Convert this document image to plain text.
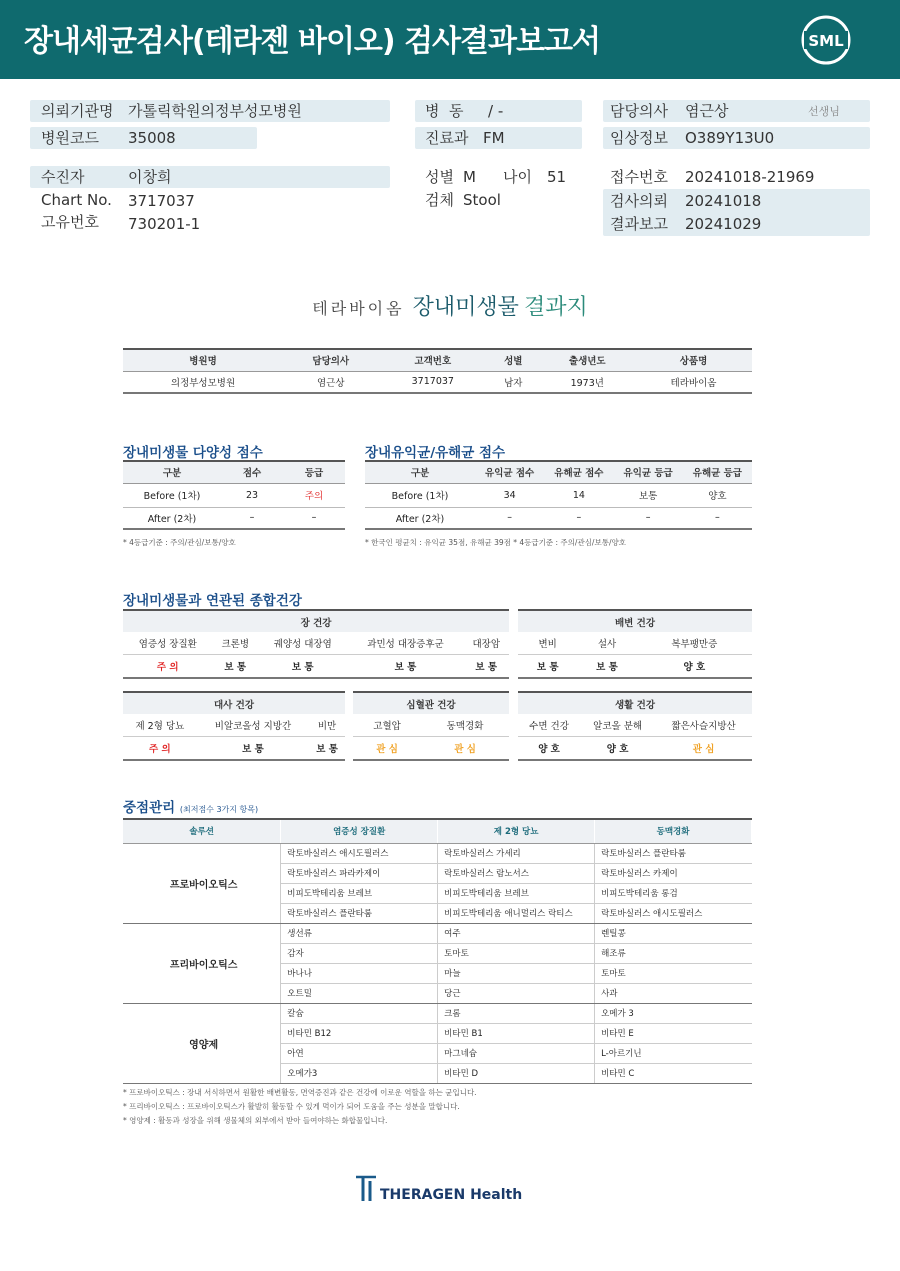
장내세균검사(테라젠 바이오) 검사결과보고서	SML
의뢰기관명 가톨릭학원의정부성모병원
병원코드 35008
병  동 / -
진료과 FM
담당의사 염근상	선생님
임상정보 O389Y13U0
수진자	이창희
Chart No. 3717037
고유번호 730201-1
성별 M 나이 51
검체 Stool
접수번호 20241018-21969
검사의뢰 20241018
결과보고 20241029
테라바이옴 장내미생물 결과지
병원명	담당의사	고객번호	성별	출생년도	상품명
의정부성모병원	염근상	3717037	남자	1973년	테라바이옴
장내미생물 다양성 점수
구분	점수	등급
Before (1차)	23	주의
After (2차)	–	–
* 4등급기준 : 주의/관심/보통/양호
장내유익균/유해균 점수
구분	유익균 점수	유해균 점수	유익균 등급	유해균 등급
Before (1차)	34	14	보통	양호
After (2차)	–	–	–	–
* 한국인 평균치 : 유익균 35점, 유해균 39점 * 4등급기준 : 주의/관심/보통/양호
장내미생물과 연관된 종합건강
장 건강				
염증성 장질환	크론병	궤양성 대장염	과민성 대장증후군	대장암
주 의	보 통	보 통	보 통	보 통
배변 건강		
변비	설사	복부팽만증
보 통	보 통	양 호
대사 건강		
제 2형 당뇨	비알코올성 지방간	비만
주 의	보 통	보 통
심혈관 건강	
고혈압	동맥경화
관 심	관 심
생활 건강		
수면 건강	알코올 분해	짧은사슬지방산
양 호	양 호	관 심
중점관리 (최저점수 3가지 항목)
솔루션	염증성 장질환	제 2형 당뇨	동맥경화
프로바이오틱스	락토바실러스 애시도필러스	락토바실러스 가세리	락토바실러스 플란타룸
	락토바실러스 파라카제이	락토바실러스 람노서스	락토바실러스 카제이
	비피도박테리움 브레브	비피도박테리움 브레브	비피도박테리움 롱검
	락토바실러스 플란타룸	비피도박테리움 애니멀리스 락티스	락토바실러스 애시도필러스
프리바이오틱스	생선류	여주	렌틸콩
	감자	토마토	해조류
	바나나	마늘	토마토
	오트밀	당근	사과
영양제	칼슘	크롬	오메가 3
	비타민 B12	비타민 B1	비타민 E
	아연	마그네슘	L-아르기닌
	오메가3	비타민 D	비타민 C
* 프로바이오틱스 : 장내 서식하면서 원활한 배변활동, 면역증진과 같은 건강에 이로운 역할을 하는 균입니다.
* 프리바이오틱스 : 프로바이오틱스가 활발히 활동할 수 있게 먹이가 되어 도움을 주는 성분을 말합니다.
* 영양제 : 활동과 성장을 위해 생물체의 외부에서 받아 들여야하는 화합물입니다.
THERAGEN Health
